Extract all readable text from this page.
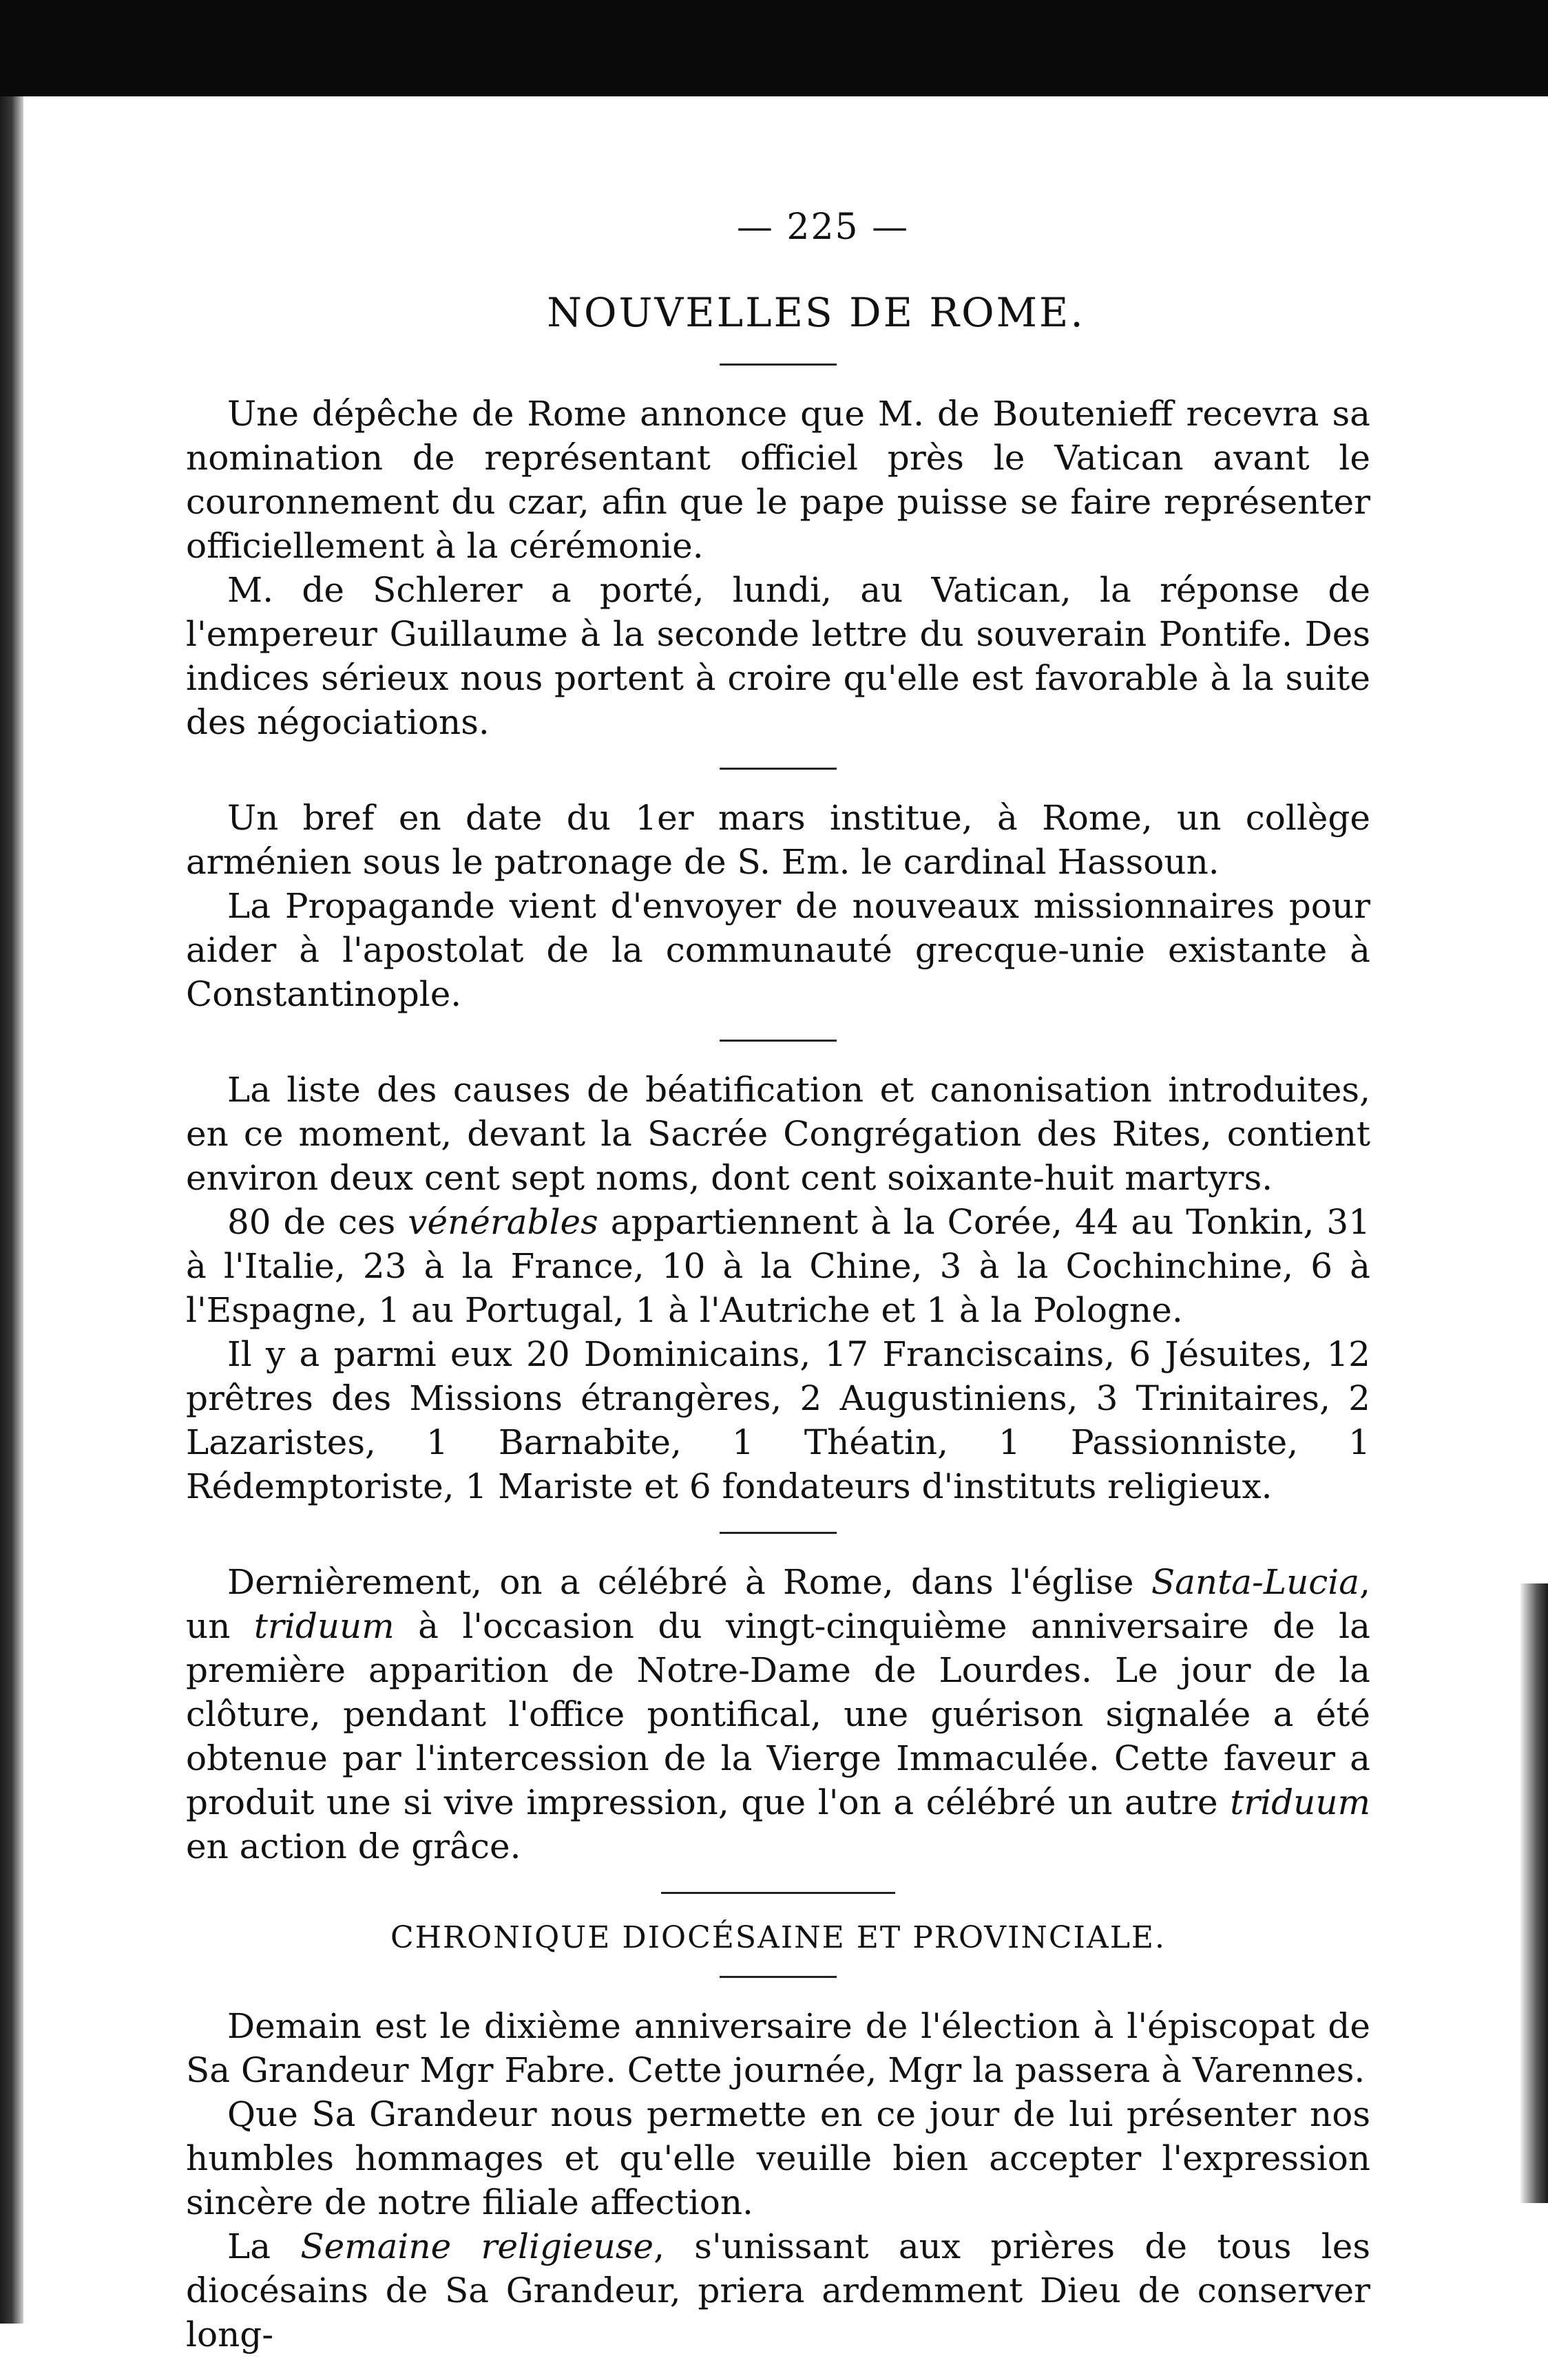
— 225 —
NOUVELLES DE ROME.

Une dépêche de Rome annonce que M. de Boutenieff recevra sa nomination de représentant officiel près le Vatican avant le couronnement du czar, afin que le pape puisse se faire représenter officiellement à la cérémonie.

M. de Schlerer a porté, lundi, au Vatican, la réponse de l'empereur Guillaume à la seconde lettre du souverain Pontife. Des indices sérieux nous portent à croire qu'elle est favorable à la suite des négociations.

Un bref en date du 1er mars institue, à Rome, un collège arménien sous le patronage de S. Em. le cardinal Hassoun.

La Propagande vient d'envoyer de nouveaux missionnaires pour aider à l'apostolat de la communauté grecque-unie existante à Constantinople.

La liste des causes de béatification et canonisation introduites, en ce moment, devant la Sacrée Congrégation des Rites, contient environ deux cent sept noms, dont cent soixante-huit martyrs.

80 de ces vénérables appartiennent à la Corée, 44 au Tonkin, 31 à l'Italie, 23 à la France, 10 à la Chine, 3 à la Cochinchine, 6 à l'Espagne, 1 au Portugal, 1 à l'Autriche et 1 à la Pologne.

Il y a parmi eux 20 Dominicains, 17 Franciscains, 6 Jésuites, 12 prêtres des Missions étrangères, 2 Augustiniens, 3 Trinitaires, 2 Lazaristes, 1 Barnabite, 1 Théatin, 1 Passionniste, 1 Rédemptoriste, 1 Mariste et 6 fondateurs d'instituts religieux.

Dernièrement, on a célébré à Rome, dans l'église Santa-Lucia, un triduum à l'occasion du vingt-cinquième anniversaire de la première apparition de Notre-Dame de Lourdes. Le jour de la clôture, pendant l'office pontifical, une guérison signalée a été obtenue par l'intercession de la Vierge Immaculée. Cette faveur a produit une si vive impression, que l'on a célébré un autre triduum en action de grâce.

CHRONIQUE DIOCÉSAINE ET PROVINCIALE.

Demain est le dixième anniversaire de l'élection à l'épiscopat de Sa Grandeur Mgr Fabre. Cette journée, Mgr la passera à Varennes.

Que Sa Grandeur nous permette en ce jour de lui présenter nos humbles hommages et qu'elle veuille bien accepter l'expression sincère de notre filiale affection.

La Semaine religieuse, s'unissant aux prières de tous les diocésains de Sa Grandeur, priera ardemment Dieu de conserver long-
